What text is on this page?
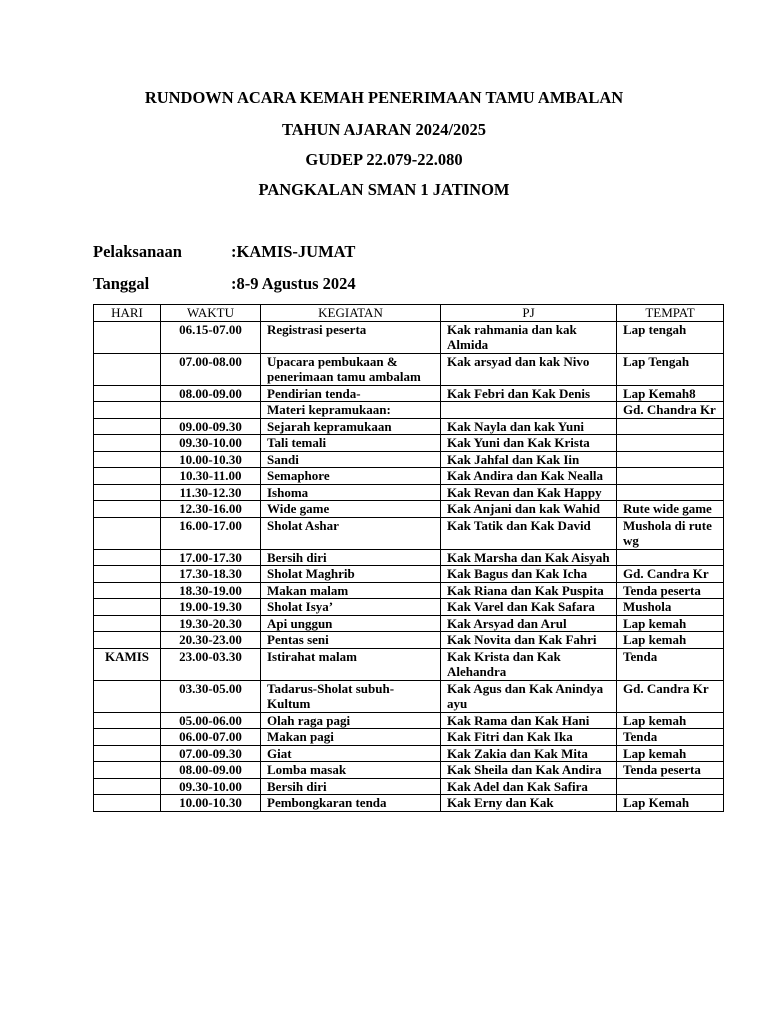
RUNDOWN ACARA KEMAH PENERIMAAN TAMU AMBALAN
TAHUN AJARAN 2024/2025
GUDEP 22.079-22.080
PANGKALAN SMAN 1 JATINOM
Pelaksanaan	:KAMIS-JUMAT
Tanggal	:8-9 Agustus 2024
HARI	WAKTU	KEGIATAN	PJ	TEMPAT
	06.15-07.00	Registrasi peserta	Kak rahmania dan kak Almida	Lap tengah
	07.00-08.00	Upacara pembukaan & penerimaan tamu ambalam	Kak arsyad dan kak Nivo	Lap Tengah
	08.00-09.00	Pendirian tenda-	Kak Febri dan Kak Denis	Lap Kemah8
		Materi kepramukaan:		Gd. Chandra Kr
	09.00-09.30	Sejarah kepramukaan	Kak Nayla dan kak Yuni	
	09.30-10.00	Tali temali	Kak Yuni dan Kak Krista	
	10.00-10.30	Sandi	Kak Jahfal dan Kak Iin	
	10.30-11.00	Semaphore	Kak Andira dan Kak Nealla	
	11.30-12.30	Ishoma	Kak Revan dan Kak Happy	
	12.30-16.00	Wide game	Kak Anjani dan kak Wahid	Rute wide game
	16.00-17.00	Sholat Ashar	Kak Tatik dan Kak David	Mushola di rute wg
	17.00-17.30	Bersih diri	Kak Marsha dan Kak Aisyah	
	17.30-18.30	Sholat Maghrib	Kak Bagus dan Kak Icha	Gd. Candra Kr
	18.30-19.00	Makan malam	Kak Riana dan Kak Puspita	Tenda peserta
	19.00-19.30	Sholat Isya’	Kak Varel dan Kak Safara	Mushola
	19.30-20.30	Api unggun	Kak Arsyad dan Arul	Lap kemah
	20.30-23.00	Pentas seni	Kak Novita dan Kak Fahri	Lap kemah
KAMIS	23.00-03.30	Istirahat malam	Kak Krista dan Kak Alehandra	Tenda
	03.30-05.00	Tadarus-Sholat subuh-Kultum	Kak Agus dan Kak Anindya ayu	Gd. Candra Kr
	05.00-06.00	Olah raga pagi	Kak Rama dan Kak Hani	Lap kemah
	06.00-07.00	Makan pagi	Kak Fitri dan Kak Ika	Tenda
	07.00-09.30	Giat	Kak Zakia dan Kak Mita	Lap kemah
	08.00-09.00	Lomba masak	Kak Sheila dan Kak Andira	Tenda peserta
	09.30-10.00	Bersih diri	Kak Adel dan Kak Safira	
	10.00-10.30	Pembongkaran tenda	Kak Erny dan Kak	Lap Kemah
